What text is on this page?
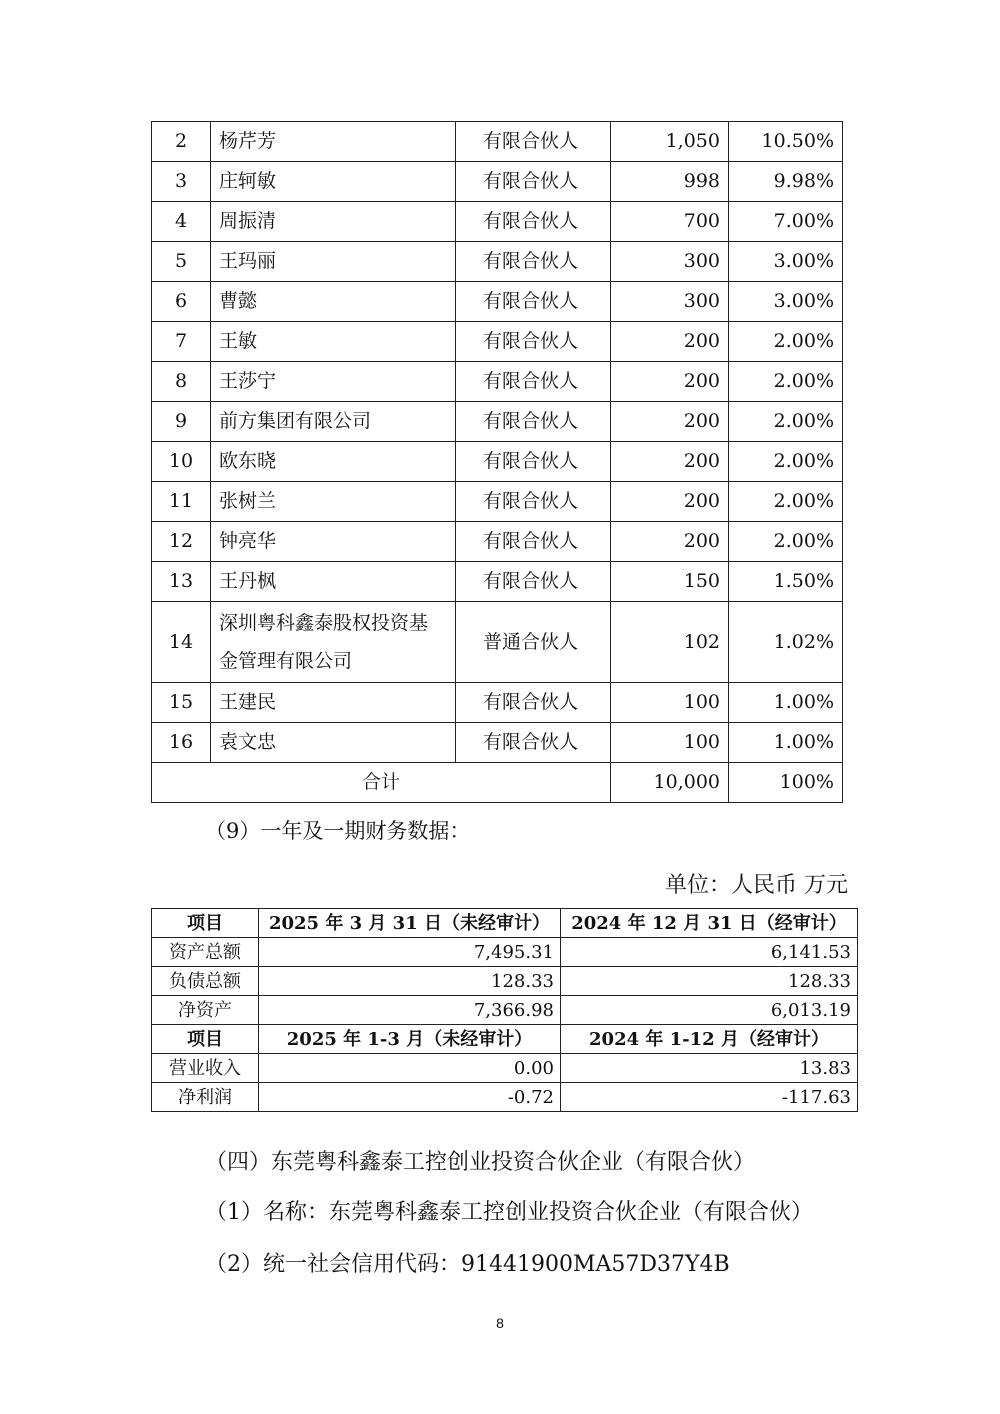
2	杨芹芳	有限合伙人	1,050	10.50%
3	庄轲敏	有限合伙人	998	9.98%
4	周振清	有限合伙人	700	7.00%
5	王玛丽	有限合伙人	300	3.00%
6	曹懿	有限合伙人	300	3.00%
7	王敏	有限合伙人	200	2.00%
8	王莎宁	有限合伙人	200	2.00%
9	前方集团有限公司	有限合伙人	200	2.00%
10	欧东晓	有限合伙人	200	2.00%
11	张树兰	有限合伙人	200	2.00%
12	钟亮华	有限合伙人	200	2.00%
13	王丹枫	有限合伙人	150	1.50%
14	深圳粤科鑫泰股权投资基
金管理有限公司	普通合伙人	102	1.02%
15	王建民	有限合伙人	100	1.00%
16	袁文忠	有限合伙人	100	1.00%
合计			10,000	100%
（9）一年及一期财务数据：
单位：人民币 万元
项目	2025 年 3 月 31 日（未经审计）	2024 年 12 月 31 日（经审计）
资产总额	7,495.31	6,141.53
负债总额	128.33	128.33
净资产	7,366.98	6,013.19
项目	2025 年 1-3 月（未经审计）	2024 年 1-12 月（经审计）
营业收入	0.00	13.83
净利润	-0.72	-117.63
（四）东莞粤科鑫泰工控创业投资合伙企业（有限合伙）
（1）名称：东莞粤科鑫泰工控创业投资合伙企业（有限合伙）
（2）统一社会信用代码：91441900MA57D37Y4B
8
